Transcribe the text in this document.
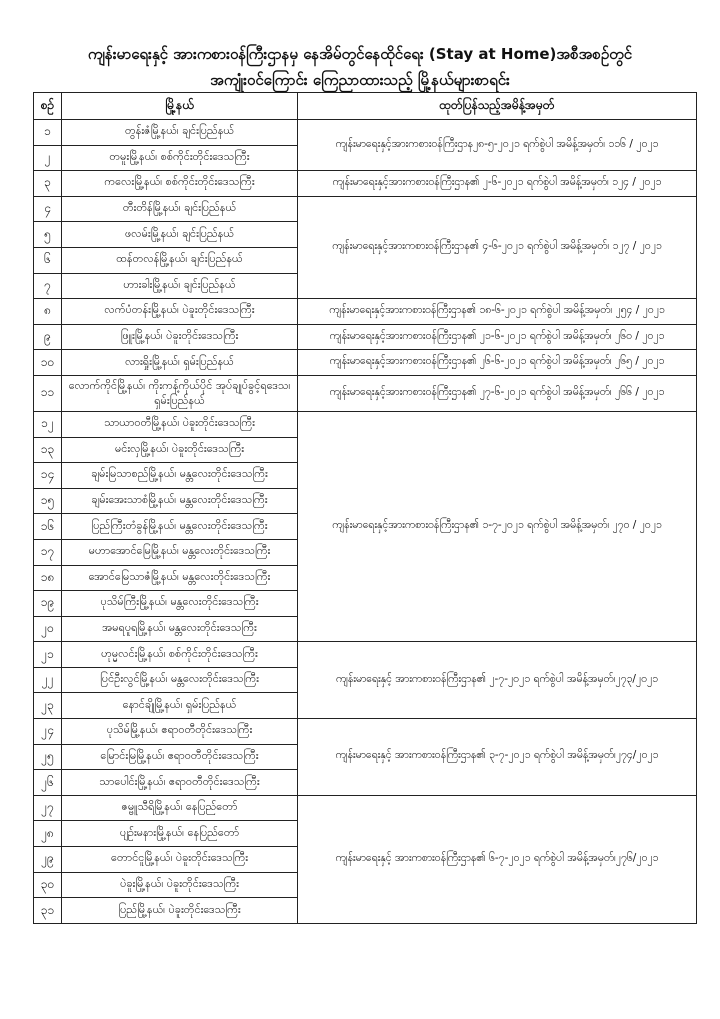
ကျန်းမာရေးနှင့် အားကစားဝန်ကြီးဌာနမှ နေအိမ်တွင်နေထိုင်ရေး (Stay at Home)အစီအစဉ်တွင်
အကျုံးဝင်ကြောင်း ကြေညာထားသည့် မြို့နယ်များစာရင်း
စဉ်	မြို့နယ်	ထုတ်ပြန်သည့်အမိန့်အမှတ်
၁	တွန်းဇံမြို့နယ်၊ ချင်းပြည်နယ်	ကျန်းမာရေးနှင့်အားကစားဝန်ကြီးဌာန၂၈-၅-၂၀၂၁ ရက်စွဲပါ အမိန့်အမှတ်၊ ၁၁၆ / ၂၀၂၁
၂	တမူးမြို့နယ်၊ စစ်ကိုင်းတိုင်းဒေသကြီး	
၃	ကလေးမြို့နယ်၊ စစ်ကိုင်းတိုင်းဒေသကြီး	ကျန်းမာရေးနှင့်အားကစားဝန်ကြီးဌာန၏ ၂-၆-၂၀၂၁ ရက်စွဲပါ အမိန့်အမှတ်၊ ၁၂၄ / ၂၀၂၁
၄	တီးတိန်မြို့နယ်၊ ချင်းပြည်နယ်	ကျန်းမာရေးနှင့်အားကစားဝန်ကြီးဌာန၏ ၄-၆-၂၀၂၁ ရက်စွဲပါ အမိန့်အမှတ်၊ ၁၂၇ / ၂၀၂၁
၅	ဖလမ်းမြို့နယ်၊ ချင်းပြည်နယ်	
၆	ထန်တလန်မြို့နယ်၊ ချင်းပြည်နယ်	
၇	ဟားခါးမြို့နယ်၊ ချင်းပြည်နယ်	
၈	လက်ပံတန်းမြို့နယ်၊ ပဲခူးတိုင်းဒေသကြီး	ကျန်းမာရေးနှင့်အားကစားဝန်ကြီးဌာန၏ ၁၈-၆-၂၀၂၁ ရက်စွဲပါ အမိန့်အမှတ်၊ ၂၅၄ / ၂၀၂၁
၉	ဖြူးမြို့နယ်၊ ပဲခူးတိုင်းဒေသကြီး	ကျန်းမာရေးနှင့်အားကစားဝန်ကြီးဌာန၏ ၂၁-၆-၂၀၂၁ ရက်စွဲပါ အမိန့်အမှတ်၊ ၂၆၀ / ၂၀၂၁
၁၀	လားရှိုးမြို့နယ်၊ ရှမ်းပြည်နယ်	ကျန်းမာရေးနှင့်အားကစားဝန်ကြီးဌာန၏ ၂၆-၆-၂၀၂၁ ရက်စွဲပါ အမိန့်အမှတ်၊ ၂၆၅ / ၂၀၂၁
၁၁	လောက်ကိုင်မြို့နယ်၊ ကိုးကန့်ကိုယ်ပိုင် အုပ်ချုပ်ခွင့်ရဒေသ၊ ရှမ်းပြည်နယ်	ကျန်းမာရေးနှင့်အားကစားဝန်ကြီးဌာန၏ ၂၇-၆-၂၀၂၁ ရက်စွဲပါ အမိန့်အမှတ်၊ ၂၆၆ / ၂၀၂၁
၁၂	သာယာဝတီမြို့နယ်၊ ပဲခူးတိုင်းဒေသကြီး	ကျန်းမာရေးနှင့်အားကစားဝန်ကြီးဌာန၏ ၁-၇-၂၀၂၁ ရက်စွဲပါ အမိန့်အမှတ်၊ ၂၇၀ / ၂၀၂၁
၁၃	မင်းလှမြို့နယ်၊ ပဲခူးတိုင်းဒေသကြီး	
၁၄	ချမ်းမြသာစည်မြို့နယ်၊ မန္တလေးတိုင်းဒေသကြီး	
၁၅	ချမ်းအေးသာစံမြို့နယ်၊ မန္တလေးတိုင်းဒေသကြီး	
၁၆	ပြည်ကြီးတံခွန်မြို့နယ်၊ မန္တလေးတိုင်းဒေသကြီး	
၁၇	မဟာအောင်မြေမြို့နယ်၊ မန္တလေးတိုင်းဒေသကြီး	
၁၈	အောင်မြေသာဇံမြို့နယ်၊ မန္တလေးတိုင်းဒေသကြီး	
၁၉	ပုသိမ်ကြီးမြို့နယ်၊ မန္တလေးတိုင်းဒေသကြီး	
၂၀	အမရပူရမြို့နယ်၊ မန္တလေးတိုင်းဒေသကြီး	
၂၁	ဟုမ္မလင်းမြို့နယ်၊ စစ်ကိုင်းတိုင်းဒေသကြီး	ကျန်းမာရေးနှင့် အားကစားဝန်ကြီးဌာန၏ ၂-၇-၂၀၂၁ ရက်စွဲပါ အမိန့်အမှတ်၊၂၇၃/၂၀၂၁
၂၂	ပြင်ဦးလွင်မြို့နယ်၊ မန္တလေးတိုင်းဒေသကြီး	
၂၃	နောင်ချိုမြို့နယ်၊ ရှမ်းပြည်နယ်	
၂၄	ပုသိမ်မြို့နယ်၊ ဧရာဝတီတိုင်းဒေသကြီး	ကျန်းမာရေးနှင့် အားကစားဝန်ကြီးဌာန၏ ၃-၇-၂၀၂၁ ရက်စွဲပါ အမိန့်အမှတ်၊၂၇၄/၂၀၂၁
၂၅	မြောင်းမြမြို့နယ်၊ ဧရာဝတီတိုင်းဒေသကြီး	
၂၆	သာပေါင်းမြို့နယ်၊ ဧရာဝတီတိုင်းဒေသကြီး	
၂၇	ဇမ္ဗူသီရိမြို့နယ်၊ နေပြည်တော်	ကျန်းမာရေးနှင့် အားကစားဝန်ကြီးဌာန၏ ၆-၇-၂၀၂၁ ရက်စွဲပါ အမိန့်အမှတ်၊၂၇၆/၂၀၂၁
၂၈	ပျဉ်းမနားမြို့နယ်၊ နေပြည်တော်	
၂၉	တောင်ငူမြို့နယ်၊ ပဲခူးတိုင်းဒေသကြီး	
၃၀	ပဲခူးမြို့နယ်၊ ပဲခူးတိုင်းဒေသကြီး	
၃၁	ပြည်မြို့နယ်၊ ပဲခူးတိုင်းဒေသကြီး	
